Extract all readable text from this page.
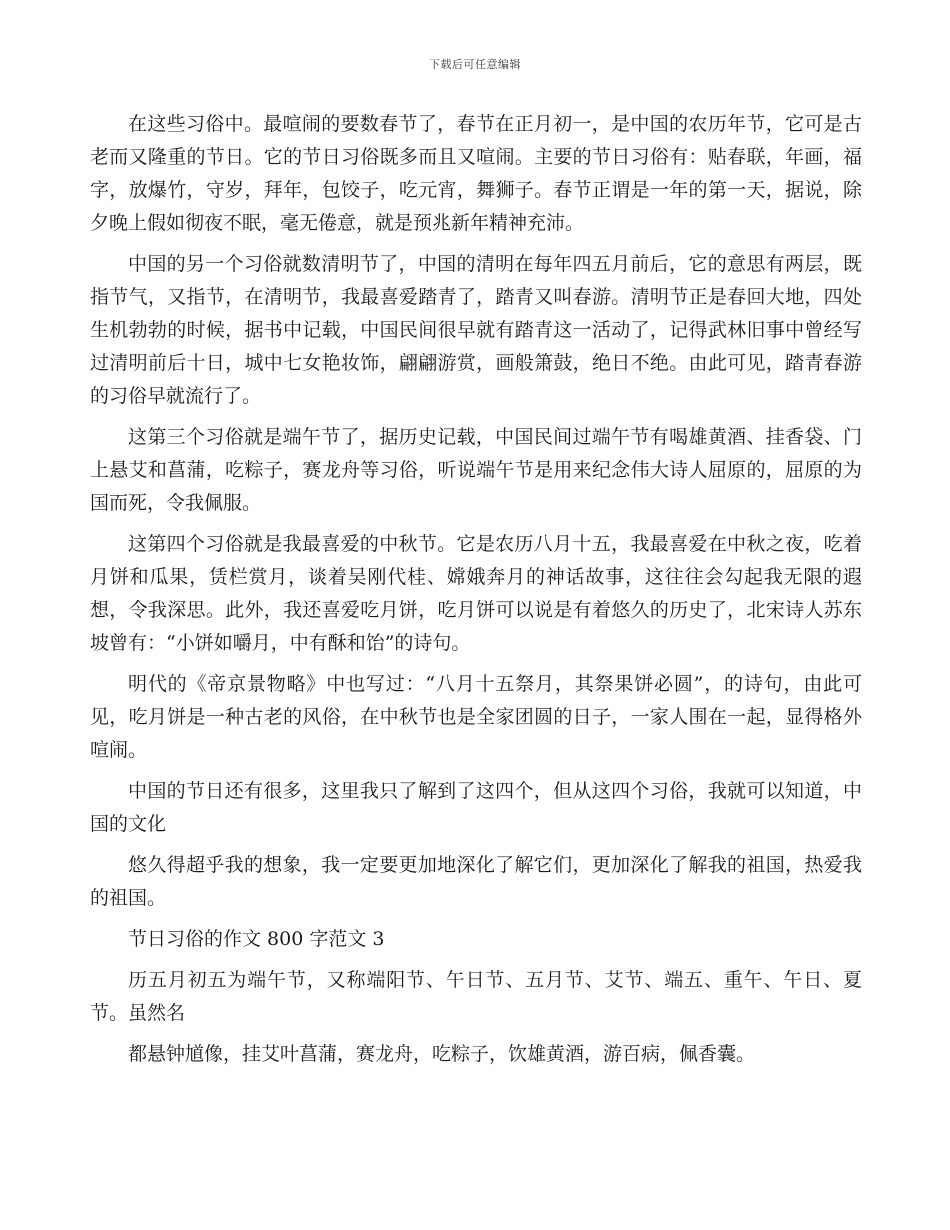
下载后可任意编辑

在这些习俗中。最喧闹的要数春节了，春节在正月初一，是中国的农历年节，它可是古老而又隆重的节日。它的节日习俗既多而且又喧闹。主要的节日习俗有：贴春联，年画，福字，放爆竹，守岁，拜年，包饺子，吃元宵，舞狮子。春节正谓是一年的第一天，据说，除夕晚上假如彻夜不眠，毫无倦意，就是预兆新年精神充沛。

中国的另一个习俗就数清明节了，中国的清明在每年四五月前后，它的意思有两层，既指节气，又指节，在清明节，我最喜爱踏青了，踏青又叫春游。清明节正是春回大地，四处生机勃勃的时候，据书中记载，中国民间很早就有踏青这一活动了，记得武林旧事中曾经写过清明前后十日，城中七女艳妆饰，翩翩游赏，画般箫鼓，绝日不绝。由此可见，踏青春游的习俗早就流行了。

这第三个习俗就是端午节了，据历史记载，中国民间过端午节有喝雄黄酒、挂香袋、门上悬艾和菖蒲，吃粽子，赛龙舟等习俗，听说端午节是用来纪念伟大诗人屈原的，屈原的为国而死，令我佩服。

这第四个习俗就是我最喜爱的中秋节。它是农历八月十五，我最喜爱在中秋之夜，吃着月饼和瓜果，赁栏赏月，谈着吴刚代桂、嫦娥奔月的神话故事，这往往会勾起我无限的遐想，令我深思。此外，我还喜爱吃月饼，吃月饼可以说是有着悠久的历史了，北宋诗人苏东坡曾有：“小饼如嚼月，中有酥和饴”的诗句。

明代的《帝京景物略》中也写过：“八月十五祭月，其祭果饼必圆”，的诗句，由此可见，吃月饼是一种古老的风俗，在中秋节也是全家团圆的日子，一家人围在一起，显得格外喧闹。

中国的节日还有很多，这里我只了解到了这四个，但从这四个习俗，我就可以知道，中国的文化

悠久得超乎我的想象，我一定要更加地深化了解它们，更加深化了解我的祖国，热爱我的祖国。

节日习俗的作文 800 字范文 3

历五月初五为端午节，又称端阳节、午日节、五月节、艾节、端五、重午、午日、夏节。虽然名

都悬钟馗像，挂艾叶菖蒲，赛龙舟，吃粽子，饮雄黄酒，游百病，佩香囊。
